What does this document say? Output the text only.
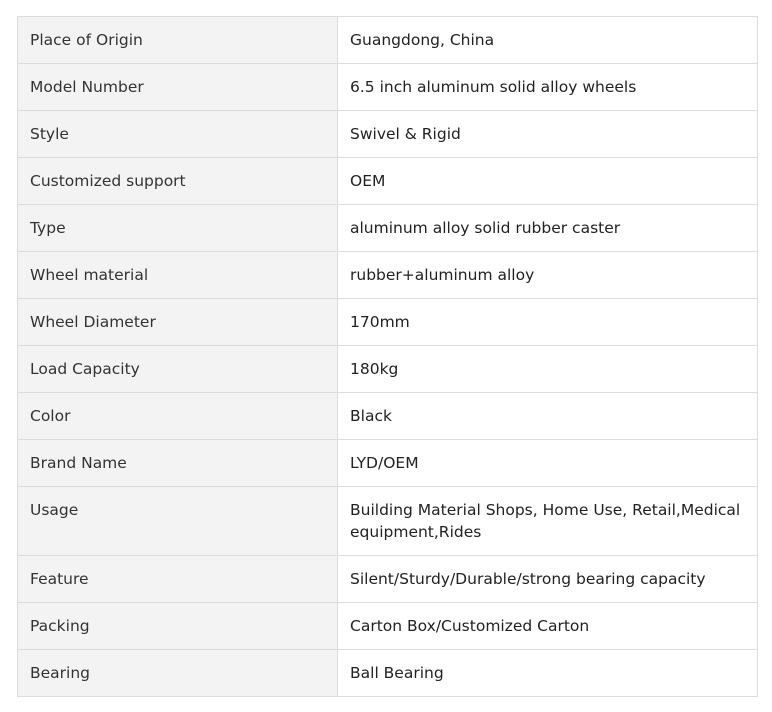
Place of Origin	Guangdong, China
Model Number	6.5 inch aluminum solid alloy wheels
Style	Swivel & Rigid
Customized support	OEM
Type	aluminum alloy solid rubber caster
Wheel material	rubber+aluminum alloy
Wheel Diameter	170mm
Load Capacity	180kg
Color	Black
Brand Name	LYD/OEM
Usage	Building Material Shops, Home Use, Retail,Medical equipment,Rides
Feature	Silent/Sturdy/Durable/strong bearing capacity
Packing	Carton Box/Customized Carton
Bearing	Ball Bearing
